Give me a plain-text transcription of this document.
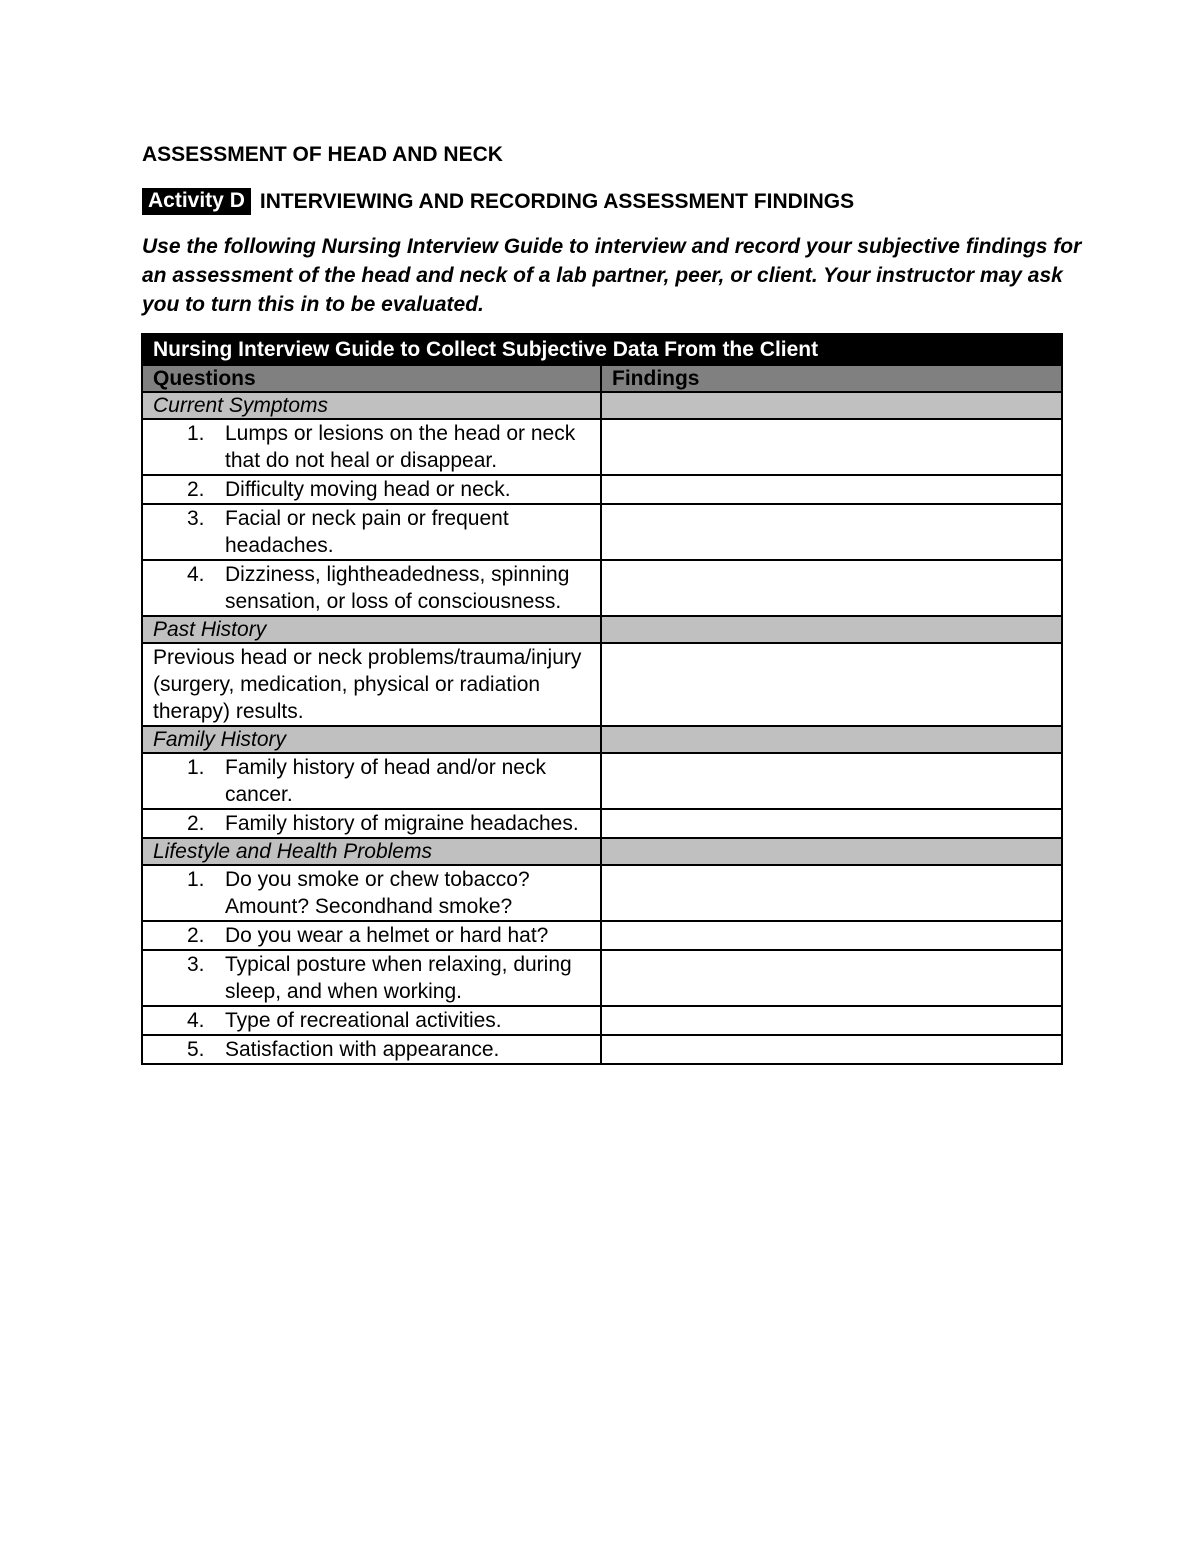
ASSESSMENT OF HEAD AND NECK
Activity D INTERVIEWING AND RECORDING ASSESSMENT FINDINGS
Use the following Nursing Interview Guide to interview and record your subjective findings for an assessment of the head and neck of a lab partner, peer, or client. Your instructor may ask you to turn this in to be evaluated.
Nursing Interview Guide to Collect Subjective Data From the Client	
Questions	Findings
Current Symptoms	

1. Lumps or lesions on the head or neck that do not heal or disappear.	

2. Difficulty moving head or neck.	

3. Facial or neck pain or frequent headaches.	

4. Dizziness, lightheadedness, spinning sensation, or loss of consciousness.	

Past History	
Previous head or neck problems/trauma/injury (surgery, medication, physical or radiation therapy) results.	
Family History	

1. Family history of head and/or neck cancer.	

2. Family history of migraine headaches.	

Lifestyle and Health Problems	

1. Do you smoke or chew tobacco? Amount? Secondhand smoke?	

2. Do you wear a helmet or hard hat?	

3. Typical posture when relaxing, during sleep, and when working.	

4. Type of recreational activities.	

5. Satisfaction with appearance.	
